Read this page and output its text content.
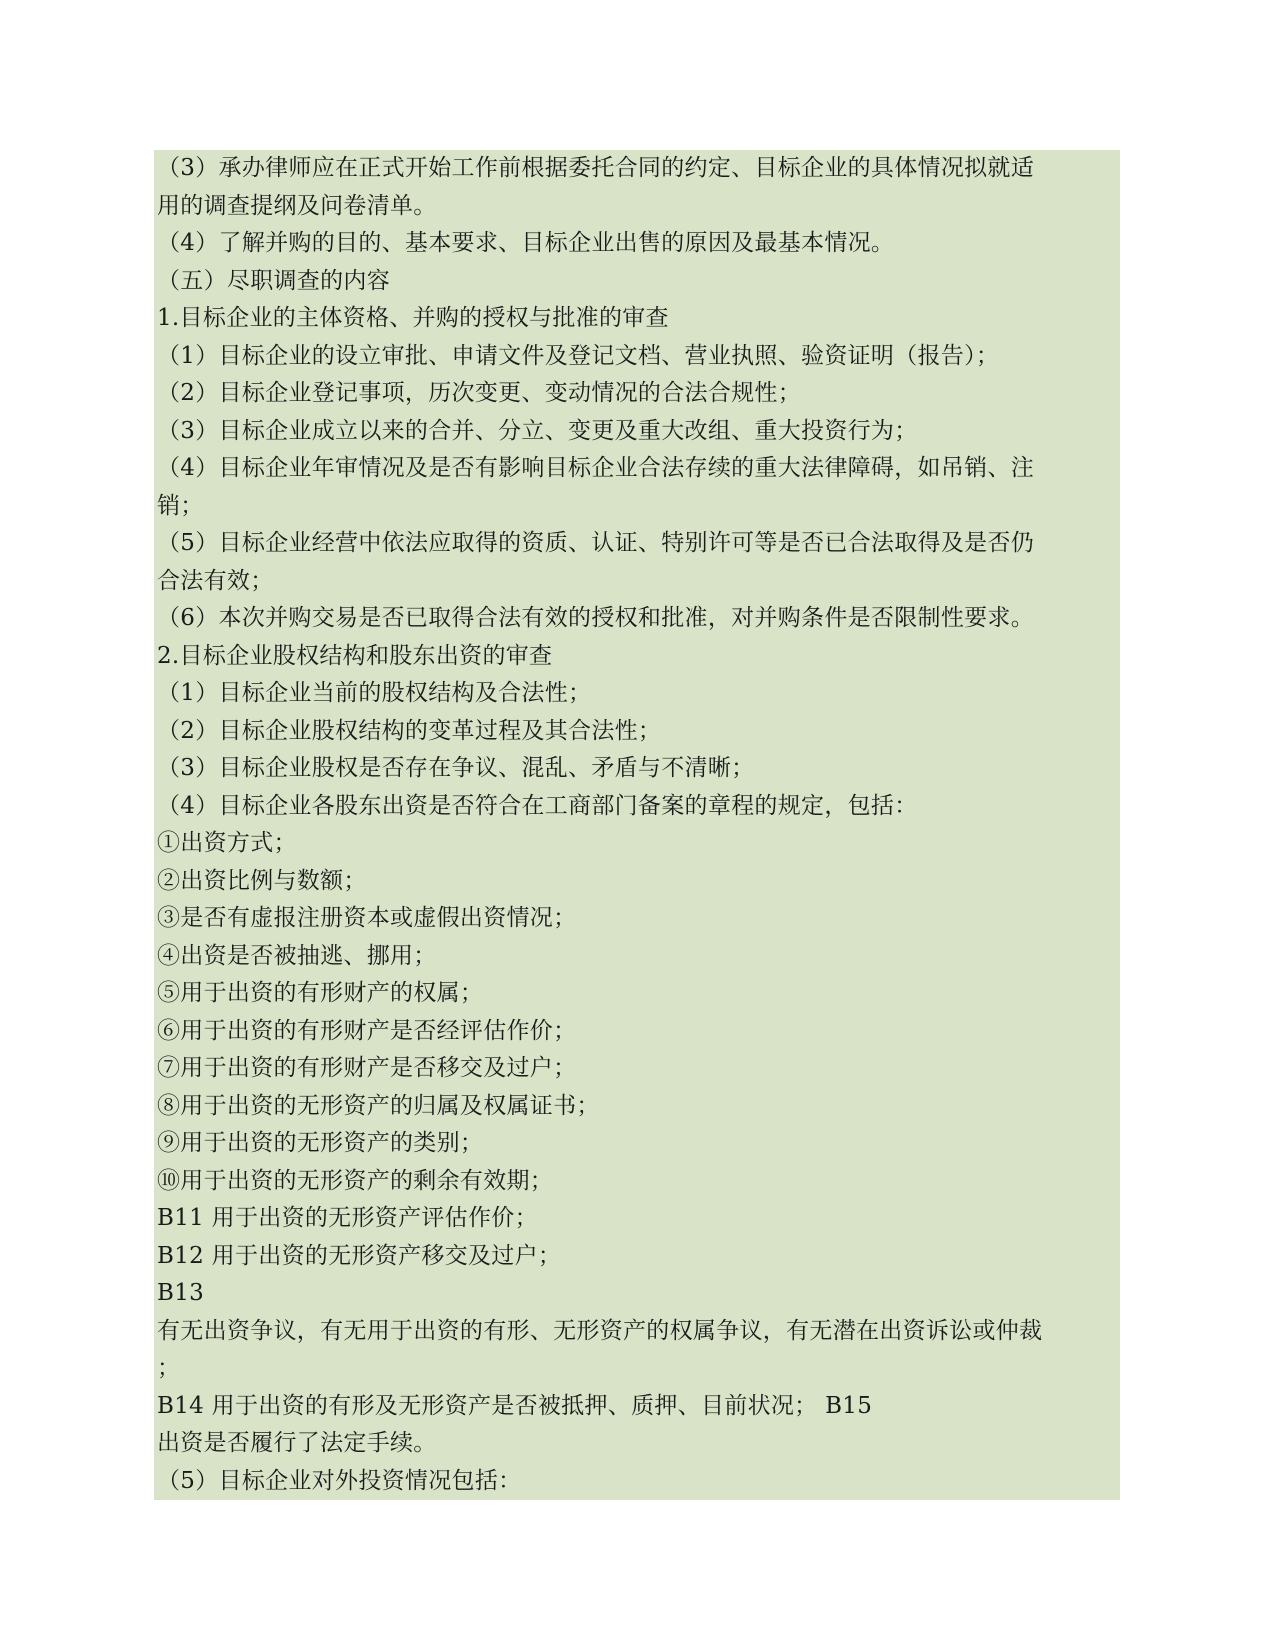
（3）承办律师应在正式开始工作前根据委托合同的约定、目标企业的具体情况拟就适
用的调查提纲及问卷清单。
（4）了解并购的目的、基本要求、目标企业出售的原因及最基本情况。
（五）尽职调查的内容
1.目标企业的主体资格、并购的授权与批准的审查
（1）目标企业的设立审批、申请文件及登记文档、营业执照、验资证明（报告）；
（2）目标企业登记事项，历次变更、变动情况的合法合规性；
（3）目标企业成立以来的合并、分立、变更及重大改组、重大投资行为；
（4）目标企业年审情况及是否有影响目标企业合法存续的重大法律障碍，如吊销、注
销；
（5）目标企业经营中依法应取得的资质、认证、特别许可等是否已合法取得及是否仍
合法有效；
（6）本次并购交易是否已取得合法有效的授权和批准，对并购条件是否限制性要求。
2.目标企业股权结构和股东出资的审查
（1）目标企业当前的股权结构及合法性；
（2）目标企业股权结构的变革过程及其合法性；
（3）目标企业股权是否存在争议、混乱、矛盾与不清晰；
（4）目标企业各股东出资是否符合在工商部门备案的章程的规定，包括：
①出资方式；
②出资比例与数额；
③是否有虚报注册资本或虚假出资情况；
④出资是否被抽逃、挪用；
⑤用于出资的有形财产的权属；
⑥用于出资的有形财产是否经评估作价；
⑦用于出资的有形财产是否移交及过户；
⑧用于出资的无形资产的归属及权属证书；
⑨用于出资的无形资产的类别；
⑩用于出资的无形资产的剩余有效期；
B11 用于出资的无形资产评估作价；
B12 用于出资的无形资产移交及过户；
B13
有无出资争议，有无用于出资的有形、无形资产的权属争议，有无潜在出资诉讼或仲裁
；
B14 用于出资的有形及无形资产是否被抵押、质押、目前状况； B15
出资是否履行了法定手续。
（5）目标企业对外投资情况包括：
